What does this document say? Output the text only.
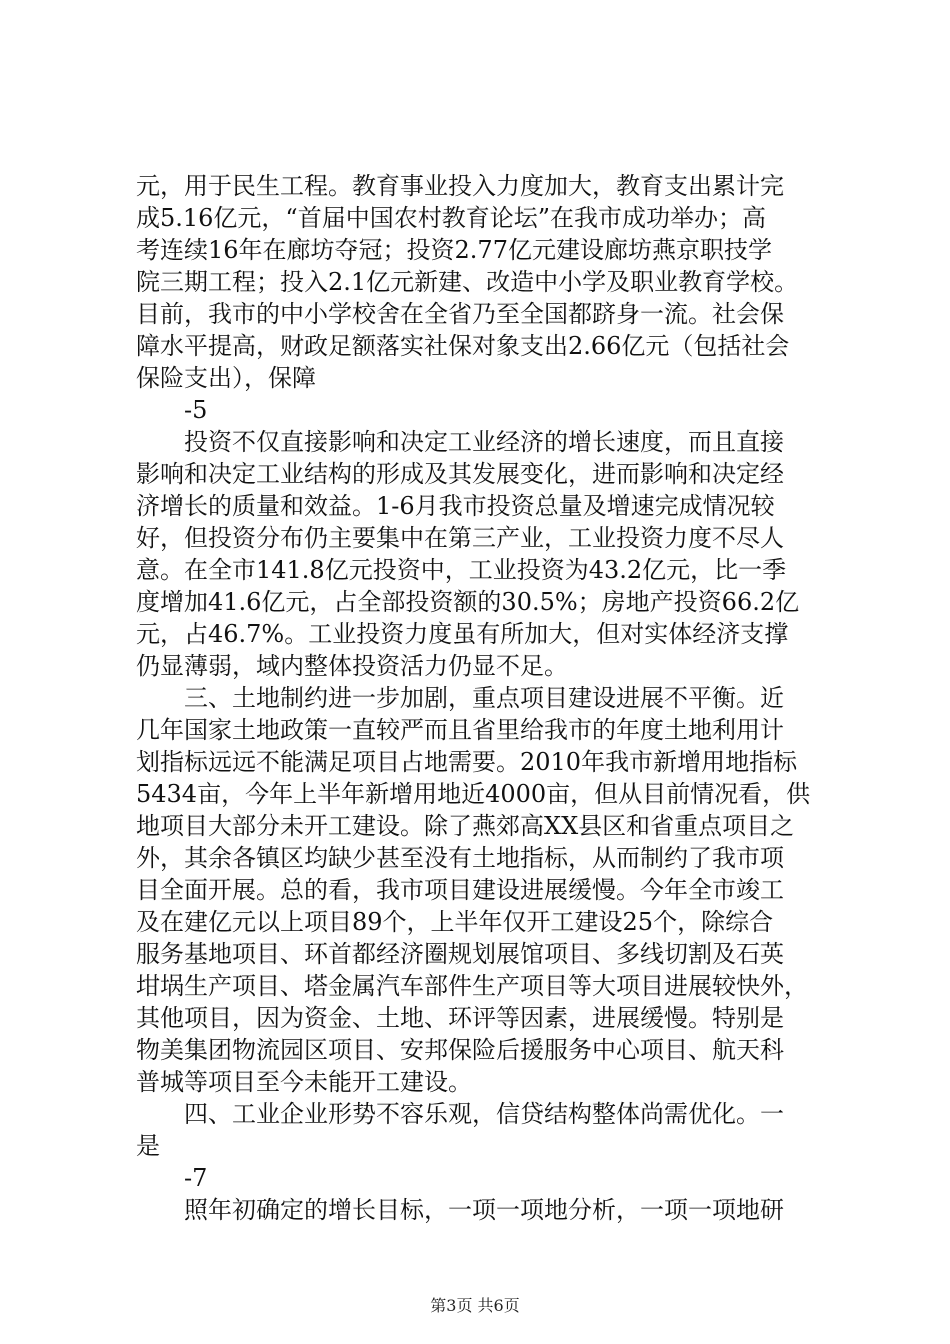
元，用于民生工程。教育事业投入力度加大，教育支出累计完
成5.16亿元，“首届中国农村教育论坛”在我市成功举办；高
考连续16年在廊坊夺冠；投资2.77亿元建设廊坊燕京职技学
院三期工程；投入2.1亿元新建、改造中小学及职业教育学校。
目前，我市的中小学校舍在全省乃至全国都跻身一流。社会保
障水平提高，财政足额落实社保对象支出2.66亿元（包括社会
保险支出），保障
　　-5
　　投资不仅直接影响和决定工业经济的增长速度，而且直接
影响和决定工业结构的形成及其发展变化，进而影响和决定经
济增长的质量和效益。1-6月我市投资总量及增速完成情况较
好，但投资分布仍主要集中在第三产业，工业投资力度不尽人
意。在全市141.8亿元投资中，工业投资为43.2亿元，比一季
度增加41.6亿元，占全部投资额的30.5%；房地产投资66.2亿
元，占46.7%。工业投资力度虽有所加大，但对实体经济支撑
仍显薄弱，域内整体投资活力仍显不足。
　　三、土地制约进一步加剧，重点项目建设进展不平衡。近
几年国家土地政策一直较严而且省里给我市的年度土地利用计
划指标远远不能满足项目占地需要。2010年我市新增用地指标
5434亩，今年上半年新增用地近4000亩，但从目前情况看，供
地项目大部分未开工建设。除了燕郊高XX县区和省重点项目之
外，其余各镇区均缺少甚至没有土地指标，从而制约了我市项
目全面开展。总的看，我市项目建设进展缓慢。今年全市竣工
及在建亿元以上项目89个，上半年仅开工建设25个，除综合
服务基地项目、环首都经济圈规划展馆项目、多线切割及石英
坩埚生产项目、塔金属汽车部件生产项目等大项目进展较快外，
其他项目，因为资金、土地、环评等因素，进展缓慢。特别是
物美集团物流园区项目、安邦保险后援服务中心项目、航天科
普城等项目至今未能开工建设。
　　四、工业企业形势不容乐观，信贷结构整体尚需优化。一
是
　　-7
　　照年初确定的增长目标，一项一项地分析，一项一项地研
第3页 共6页
